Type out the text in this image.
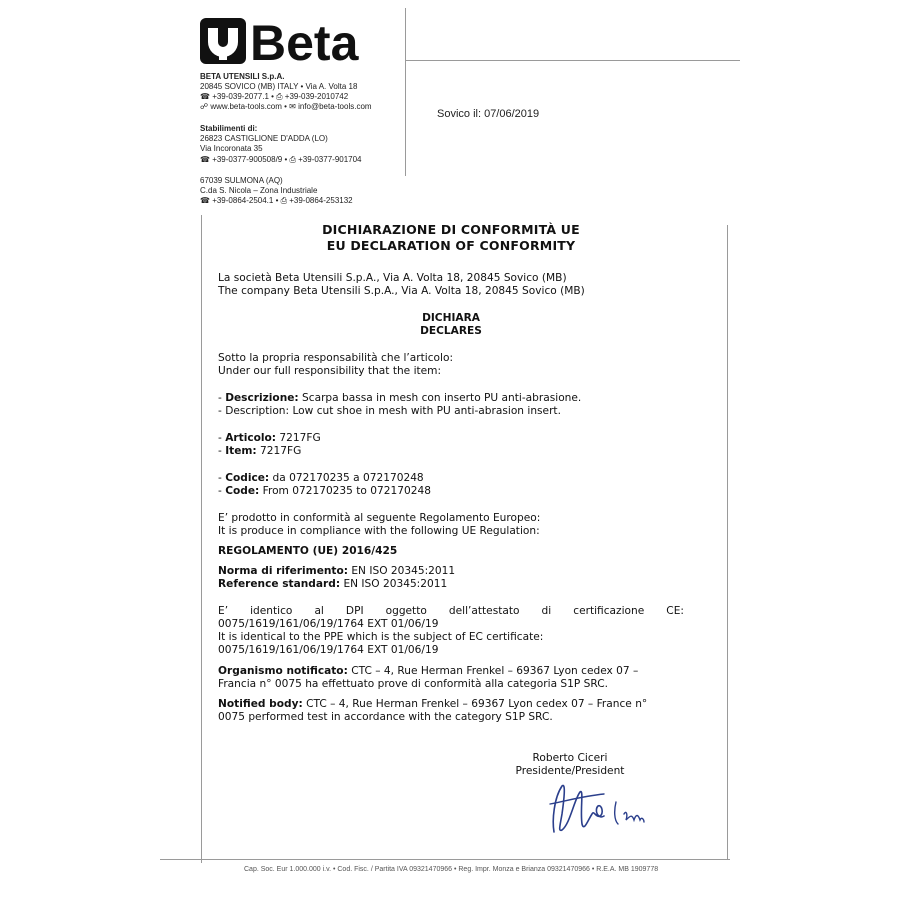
Beta
BETA UTENSILI S.p.A.
20845 SOVICO (MB) ITALY • Via A. Volta 18
☎ +39-039-2077.1 • ⎙ +39-039-2010742
☍ www.beta-tools.com • ✉ info@beta-tools.com
Stabilimenti di:
26823 CASTIGLIONE D'ADDA (LO)
Via Incoronata 35
☎ +39-0377-900508/9 • ⎙ +39-0377-901704
67039 SULMONA (AQ)
C.da S. Nicola – Zona Industriale
☎ +39-0864-2504.1 • ⎙ +39-0864-253132
Sovico il: 07/06/2019
DICHIARAZIONE DI CONFORMITÀ UE
EU DECLARATION OF CONFORMITY
La società Beta Utensili S.p.A., Via A. Volta 18, 20845 Sovico (MB)
The company Beta Utensili S.p.A., Via A. Volta 18, 20845 Sovico (MB)
DICHIARA
DECLARES
Sotto la propria responsabilità che l’articolo:
Under our full responsibility that the item:
- Descrizione: Scarpa bassa in mesh con inserto PU anti-abrasione.
- Description: Low cut shoe in mesh with PU anti-abrasion insert.
- Articolo: 7217FG
- Item: 7217FG
- Codice: da 072170235 a 072170248
- Code: From 072170235 to 072170248
E’ prodotto in conformità al seguente Regolamento Europeo:
It is produce in compliance with the following UE Regulation:
REGOLAMENTO (UE) 2016/425
Norma di riferimento: EN ISO 20345:2011
Reference standard: EN ISO 20345:2011
E’ identico al DPI oggetto dell’attestato di certificazione CE:
0075/1619/161/06/19/1764 EXT 01/06/19
It is identical to the PPE which is the subject of EC certificate:
0075/1619/161/06/19/1764 EXT 01/06/19
Organismo notificato: CTC – 4, Rue Herman Frenkel – 69367 Lyon cedex 07 –
Francia n° 0075 ha effettuato prove di conformità alla categoria S1P SRC.
Notified body: CTC – 4, Rue Herman Frenkel – 69367 Lyon cedex 07 – France n°
0075 performed test in accordance with the category S1P SRC.
Roberto Ciceri
Presidente/President
Cap. Soc. Eur 1.000.000 i.v. • Cod. Fisc. / Partita IVA 09321470966 • Reg. Impr. Monza e Brianza 09321470966 • R.E.A. MB 1909778
